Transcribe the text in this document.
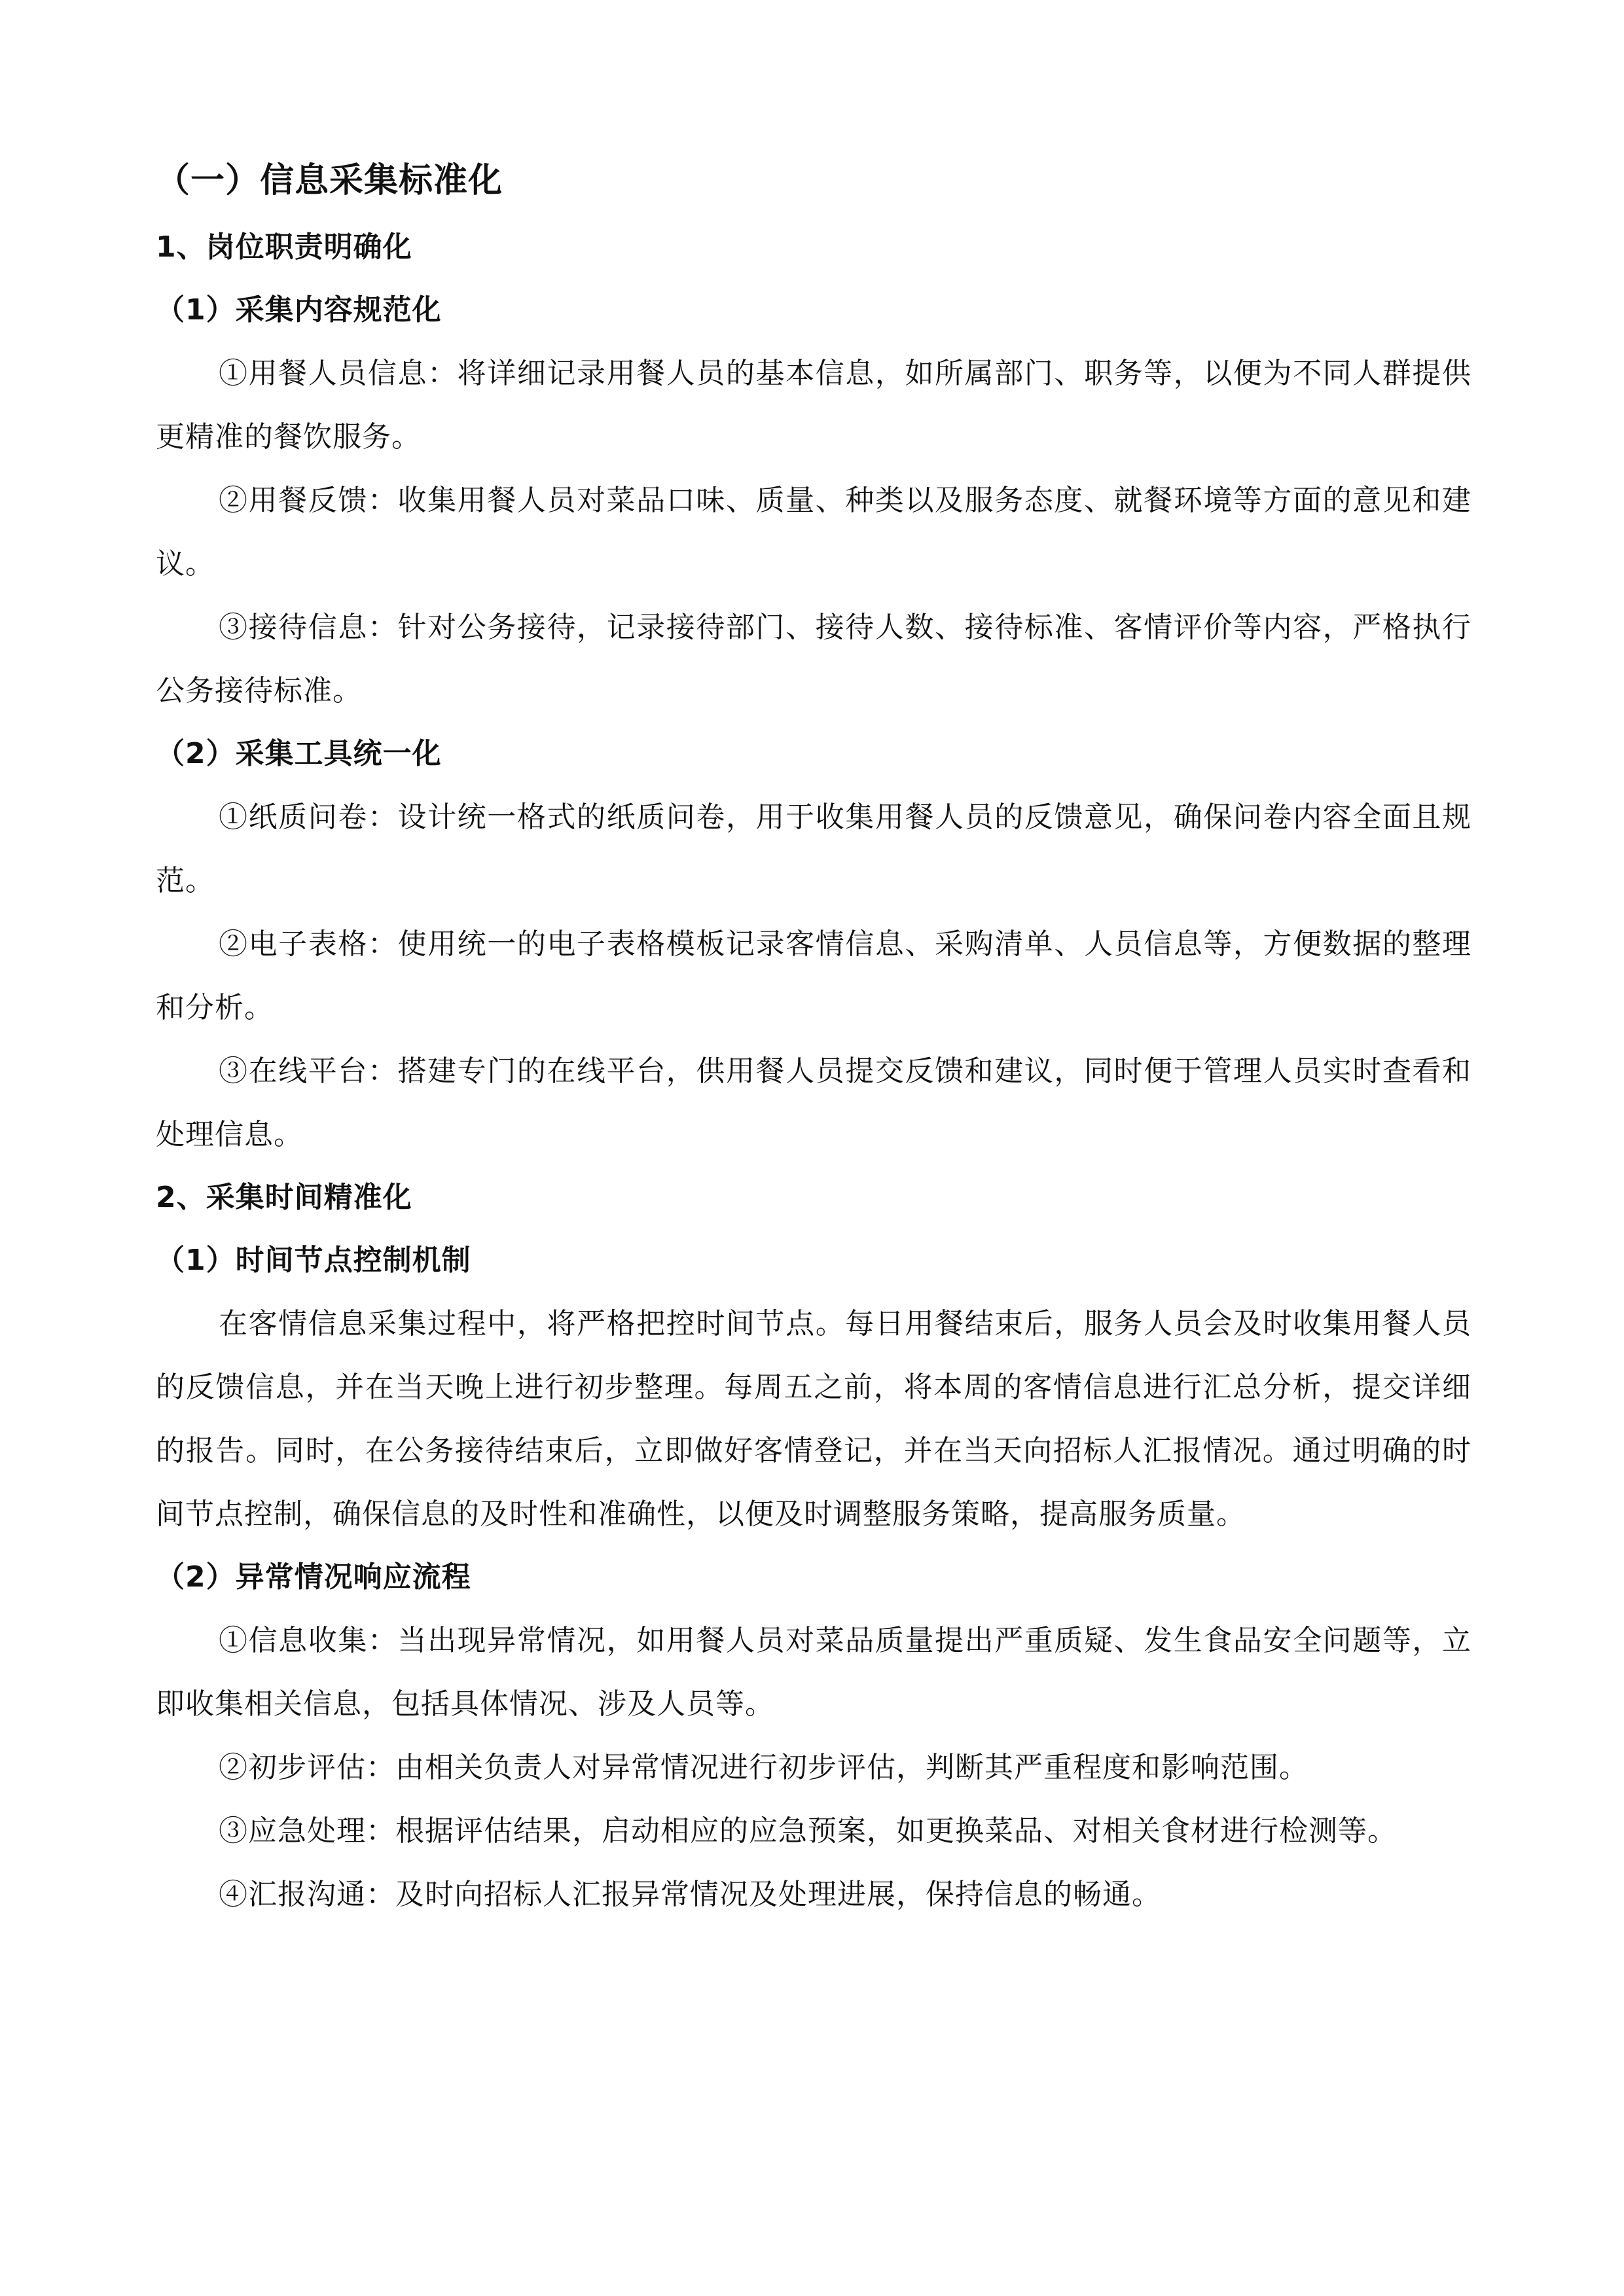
（一）信息采集标准化
1、岗位职责明确化
（1）采集内容规范化

①用餐人员信息：将详细记录用餐人员的基本信息，如所属部门、职务等，以便为不同人群提供更精准的餐饮服务。

②用餐反馈：收集用餐人员对菜品口味、质量、种类以及服务态度、就餐环境等方面的意见和建议。

③接待信息：针对公务接待，记录接待部门、接待人数、接待标准、客情评价等内容，严格执行公务接待标准。

（2）采集工具统一化

①纸质问卷：设计统一格式的纸质问卷，用于收集用餐人员的反馈意见，确保问卷内容全面且规范。

②电子表格：使用统一的电子表格模板记录客情信息、采购清单、人员信息等，方便数据的整理和分析。

③在线平台：搭建专门的在线平台，供用餐人员提交反馈和建议，同时便于管理人员实时查看和处理信息。

2、采集时间精准化
（1）时间节点控制机制

在客情信息采集过程中，将严格把控时间节点。每日用餐结束后，服务人员会及时收集用餐人员的反馈信息，并在当天晚上进行初步整理。每周五之前，将本周的客情信息进行汇总分析，提交详细的报告。同时，在公务接待结束后，立即做好客情登记，并在当天向招标人汇报情况。通过明确的时间节点控制，确保信息的及时性和准确性，以便及时调整服务策略，提高服务质量。

（2）异常情况响应流程

①信息收集：当出现异常情况，如用餐人员对菜品质量提出严重质疑、发生食品安全问题等，立即收集相关信息，包括具体情况、涉及人员等。

②初步评估：由相关负责人对异常情况进行初步评估，判断其严重程度和影响范围。

③应急处理：根据评估结果，启动相应的应急预案，如更换菜品、对相关食材进行检测等。

④汇报沟通：及时向招标人汇报异常情况及处理进展，保持信息的畅通。
